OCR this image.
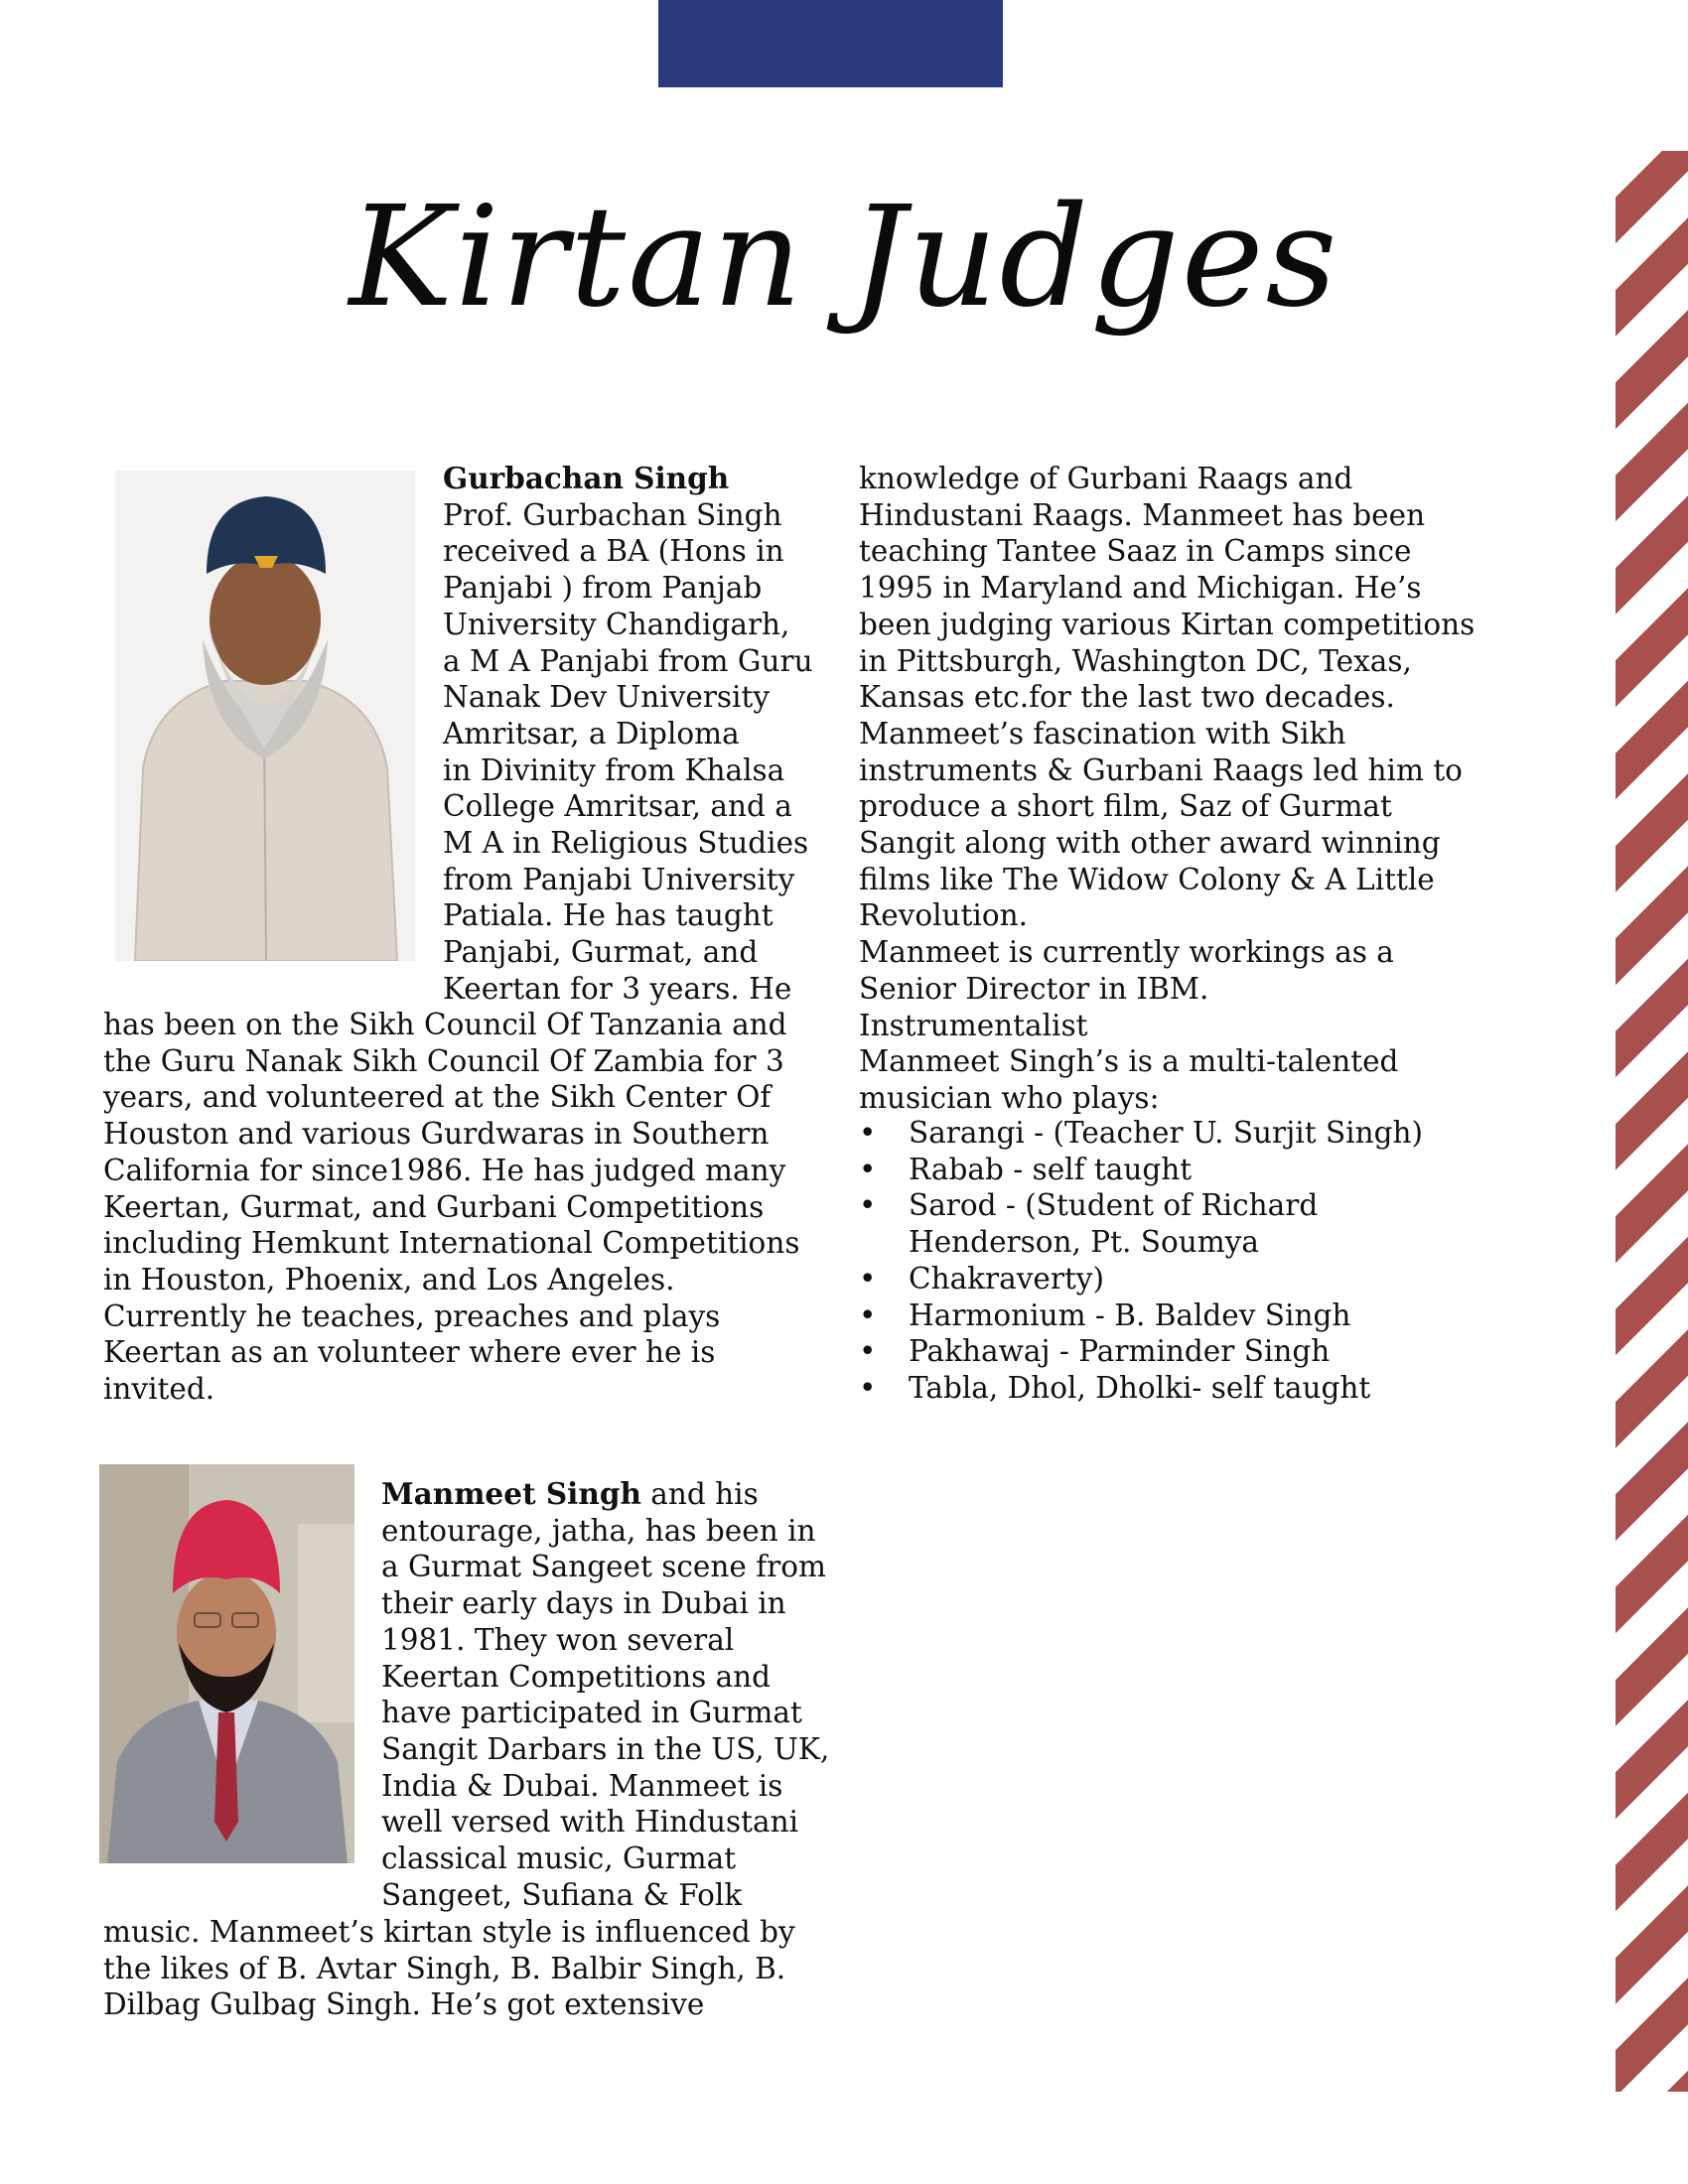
Kirtan Judges

Gurbachan Singh
Prof. Gurbachan Singh
received a BA (Hons in
Panjabi ) from Panjab
University Chandigarh,
a M A Panjabi from Guru
Nanak Dev University
Amritsar, a Diploma
in Divinity from Khalsa
College Amritsar, and a
M A in Religious Studies
from Panjabi University
Patiala. He has taught
Panjabi, Gurmat, and
Keertan for 3 years. He

has been on the Sikh Council Of Tanzania and
the Guru Nanak Sikh Council Of Zambia for 3
years, and volunteered at the Sikh Center Of
Houston and various Gurdwaras in Southern
California for since1986. He has judged many
Keertan, Gurmat, and Gurbani Competitions
including Hemkunt International Competitions
in Houston, Phoenix, and Los Angeles.
Currently he teaches, preaches and plays
Keertan as an volunteer where ever he is
invited.

Manmeet Singh and his
entourage, jatha, has been in
a Gurmat Sangeet scene from
their early days in Dubai in
1981. They won several
Keertan Competitions and
have participated in Gurmat
Sangit Darbars in the US, UK,
India & Dubai. Manmeet is
well versed with Hindustani
classical music, Gurmat
Sangeet, Sufiana & Folk

music. Manmeet’s kirtan style is influenced by
the likes of B. Avtar Singh, B. Balbir Singh, B.
Dilbag Gulbag Singh. He’s got extensive

knowledge of Gurbani Raags and
Hindustani Raags. Manmeet has been
teaching Tantee Saaz in Camps since
1995 in Maryland and Michigan. He’s
been judging various Kirtan competitions
in Pittsburgh, Washington DC, Texas,
Kansas etc.for the last two decades.
Manmeet’s fascination with Sikh
instruments & Gurbani Raags led him to
produce a short film, Saz of Gurmat
Sangit along with other award winning
films like The Widow Colony & A Little
Revolution.
Manmeet is currently workings as a
Senior Director in IBM.
Instrumentalist
Manmeet Singh’s is a multi-talented
musician who plays:

• Sarangi - (Teacher U. Surjit Singh)
• Rabab - self taught
• Sarod - (Student of Richard
Henderson, Pt. Soumya
• Chakraverty)
• Harmonium - B. Baldev Singh
• Pakhawaj - Parminder Singh
• Tabla, Dhol, Dholki- self taught
